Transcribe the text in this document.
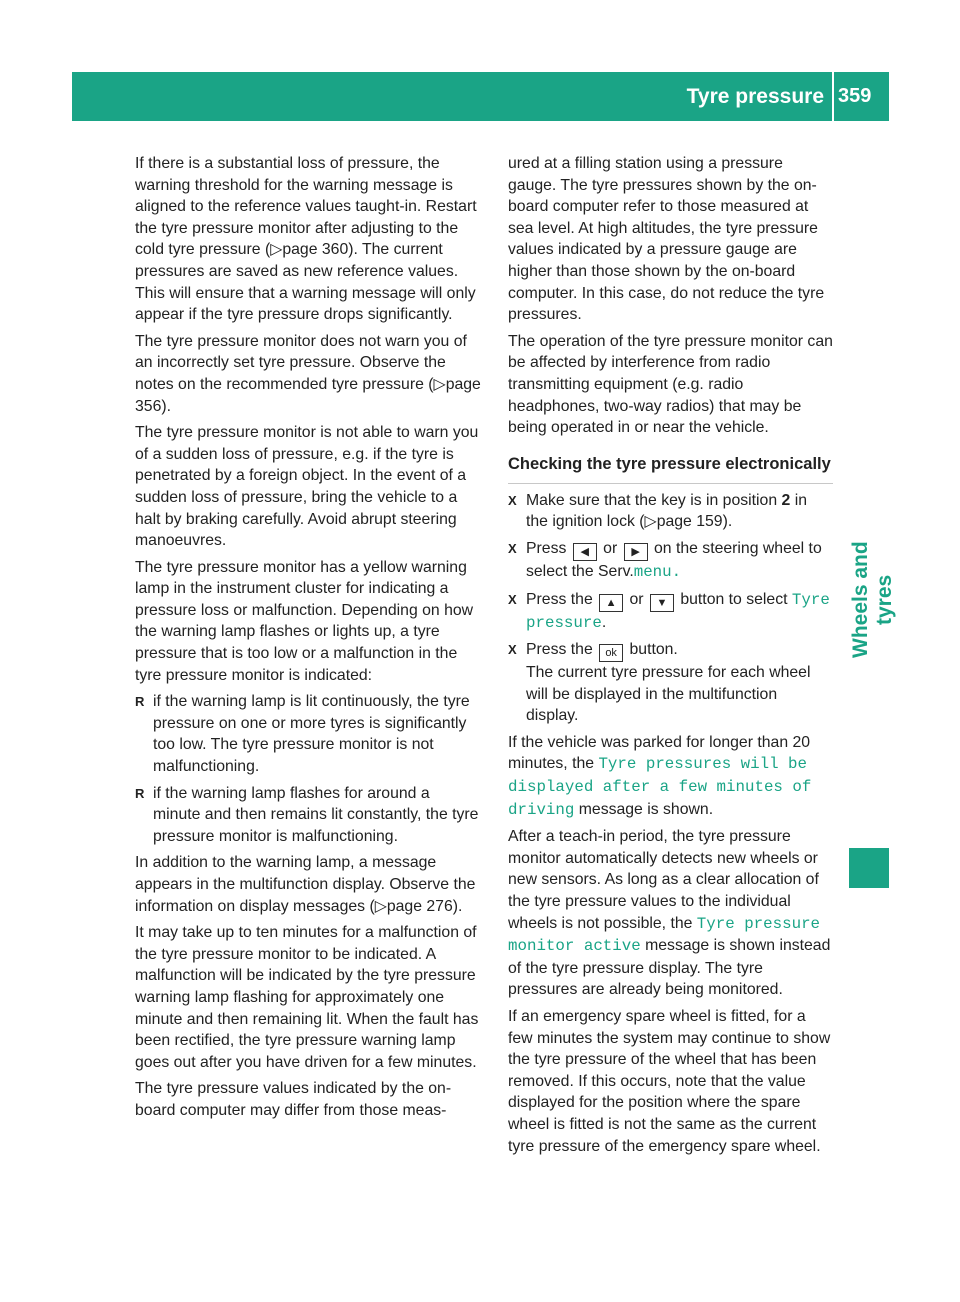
Tyre pressure 359
Wheels and tyres

If there is a substantial loss of pressure, the warning threshold for the warning message is aligned to the reference values taught-in. Restart the tyre pressure monitor after adjusting to the cold tyre pressure (▷page 360). The current pressures are saved as new reference values. This will ensure that a warning message will only appear if the tyre pressure drops significantly.

The tyre pressure monitor does not warn you of an incorrectly set tyre pressure. Observe the notes on the recommended tyre pressure (▷page 356).

The tyre pressure monitor is not able to warn you of a sudden loss of pressure, e.g. if the tyre is penetrated by a foreign object. In the event of a sudden loss of pressure, bring the vehicle to a halt by braking carefully. Avoid abrupt steering manoeuvres.

The tyre pressure monitor has a yellow warning lamp in the instrument cluster for indicating a pressure loss or malfunction. Depending on how the warning lamp flashes or lights up, a tyre pressure that is too low or a malfunction in the tyre pressure monitor is indicated:

R if the warning lamp is lit continuously, the tyre pressure on one or more tyres is significantly too low. The tyre pressure monitor is not malfunctioning.
R if the warning lamp flashes for around a minute and then remains lit constantly, the tyre pressure monitor is malfunctioning.

In addition to the warning lamp, a message appears in the multifunction display. Observe the information on display messages (▷page 276).

It may take up to ten minutes for a malfunction of the tyre pressure monitor to be indicated. A malfunction will be indicated by the tyre pressure warning lamp flashing for approximately one minute and then remaining lit. When the fault has been rectified, the tyre pressure warning lamp goes out after you have driven for a few minutes.

The tyre pressure values indicated by the on-board computer may differ from those meas-

ured at a filling station using a pressure gauge. The tyre pressures shown by the on-board computer refer to those measured at sea level. At high altitudes, the tyre pressure values indicated by a pressure gauge are higher than those shown by the on-board computer. In this case, do not reduce the tyre pressures.

The operation of the tyre pressure monitor can be affected by interference from radio transmitting equipment (e.g. radio headphones, two-way radios) that may be being operated in or near the vehicle.

Checking the tyre pressure electronically
X Make sure that the key is in position 2 in the ignition lock (▷page 159).
X Press ◀ or ▶ on the steering wheel to select the Serv.menu.
X Press the ▲ or ▼ button to select Tyre pressure.
X Press the ok button.
The current tyre pressure for each wheel will be displayed in the multifunction display.

If the vehicle was parked for longer than 20 minutes, the Tyre pressures will be displayed after a few minutes of driving message is shown.

After a teach-in period, the tyre pressure monitor automatically detects new wheels or new sensors. As long as a clear allocation of the tyre pressure values to the individual wheels is not possible, the Tyre pressure monitor active message is shown instead of the tyre pressure display. The tyre pressures are already being monitored.

If an emergency spare wheel is fitted, for a few minutes the system may continue to show the tyre pressure of the wheel that has been removed. If this occurs, note that the value displayed for the position where the spare wheel is fitted is not the same as the current tyre pressure of the emergency spare wheel.
